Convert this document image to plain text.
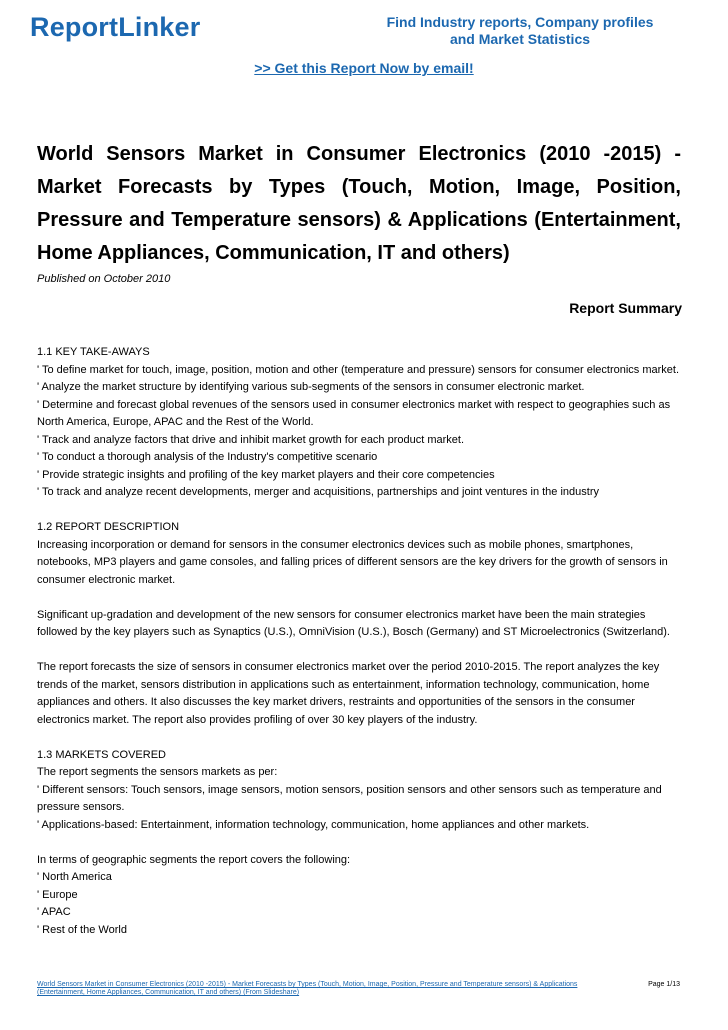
ReportLinker	Find Industry reports, Company profiles
and Market Statistics
>> Get this Report Now by email!
World Sensors Market in Consumer Electronics (2010 -2015) - Market Forecasts by Types (Touch, Motion, Image, Position, Pressure and Temperature sensors) & Applications (Entertainment, Home Appliances, Communication, IT and others)
Published on October 2010
Report Summary

1.1 KEY TAKE-AWAYS

' To define market for touch, image, position, motion and other (temperature and pressure) sensors for consumer electronics market.

' Analyze the market structure by identifying various sub-segments of the sensors in consumer electronic market.

' Determine and forecast global revenues of the sensors used in consumer electronics market with respect to geographies such as North America, Europe, APAC and the Rest of the World.

' Track and analyze factors that drive and inhibit market growth for each product market.

' To conduct a thorough analysis of the Industry's competitive scenario

' Provide strategic insights and profiling of the key market players and their core competencies

' To track and analyze recent developments, merger and acquisitions, partnerships and joint ventures in the industry

1.2 REPORT DESCRIPTION

Increasing incorporation or demand for sensors in the consumer electronics devices such as mobile phones, smartphones, notebooks, MP3 players and game consoles, and falling prices of different sensors are the key drivers for the growth of sensors in consumer electronic market.

Significant up-gradation and development of the new sensors for consumer electronics market have been the main strategies followed by the key players such as Synaptics (U.S.), OmniVision (U.S.), Bosch (Germany) and ST Microelectronics (Switzerland).

The report forecasts the size of sensors in consumer electronics market over the period 2010-2015. The report analyzes the key trends of the market, sensors distribution in applications such as entertainment, information technology, communication, home appliances and others. It also discusses the key market drivers, restraints and opportunities of the sensors in the consumer electronics market. The report also provides profiling of over 30 key players of the industry.

1.3 MARKETS COVERED

The report segments the sensors markets as per:

' Different sensors: Touch sensors, image sensors, motion sensors, position sensors and other sensors such as temperature and pressure sensors.

' Applications-based: Entertainment, information technology, communication, home appliances and other markets.

In terms of geographic segments the report covers the following:

' North America

' Europe

' APAC

' Rest of the World

World Sensors Market in Consumer Electronics (2010 -2015) - Market Forecasts by Types (Touch, Motion, Image, Position, Pressure and Temperature sensors) & Applications (Entertainment, Home Appliances, Communication, IT and others) (From Slideshare)
Page 1/13
